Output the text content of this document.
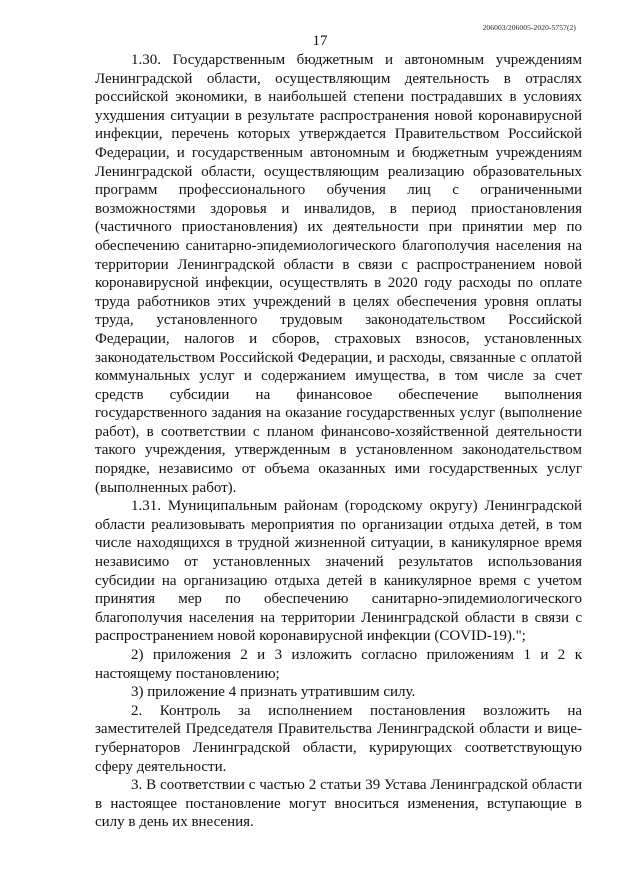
206003/206005-2020-5757(2)
17

1.30. Государственным бюджетным и автономным учреждениям Ленинградской области, осуществляющим деятельность в отраслях российской экономики, в наибольшей степени пострадавших в условиях ухудшения ситуации в результате распространения новой коронавирусной инфекции, перечень которых утверждается Правительством Российской Федерации, и государственным автономным и бюджетным учреждениям Ленинградской области, осуществляющим реализацию образовательных программ профессионального обучения лиц с ограниченными возможностями здоровья и инвалидов, в период приостановления (частичного приостановления) их деятельности при принятии мер по обеспечению санитарно-эпидемиологического благополучия населения на территории Ленинградской области в связи с распространением новой коронавирусной инфекции, осуществлять в 2020 году расходы по оплате труда работников этих учреждений в целях обеспечения уровня оплаты труда, установленного трудовым законодательством Российской Федерации, налогов и сборов, страховых взносов, установленных законодательством Российской Федерации, и расходы, связанные с оплатой коммунальных услуг и содержанием имущества, в том числе за счет средств субсидии на финансовое обеспечение выполнения государственного задания на оказание государственных услуг (выполнение работ), в соответствии с планом финансово-хозяйственной деятельности такого учреждения, утвержденным в установленном законодательством порядке, независимо от объема оказанных ими государственных услуг (выполненных работ).

1.31. Муниципальным районам (городскому округу) Ленинградской области реализовывать мероприятия по организации отдыха детей, в том числе находящихся в трудной жизненной ситуации, в каникулярное время независимо от установленных значений результатов использования субсидии на организацию отдыха детей в каникулярное время с учетом принятия мер по обеспечению санитарно-эпидемиологического благополучия населения на территории Ленинградской области в связи с распространением новой коронавирусной инфекции (COVID-19).";

2) приложения 2 и 3 изложить согласно приложениям 1 и 2 к настоящему постановлению;

3) приложение 4 признать утратившим силу.

2. Контроль за исполнением постановления возложить на заместителей Председателя Правительства Ленинградской области и вице-губернаторов Ленинградской области, курирующих соответствующую сферу деятельности.

3. В соответствии с частью 2 статьи 39 Устава Ленинградской области в настоящее постановление могут вноситься изменения, вступающие в силу в день их внесения.
